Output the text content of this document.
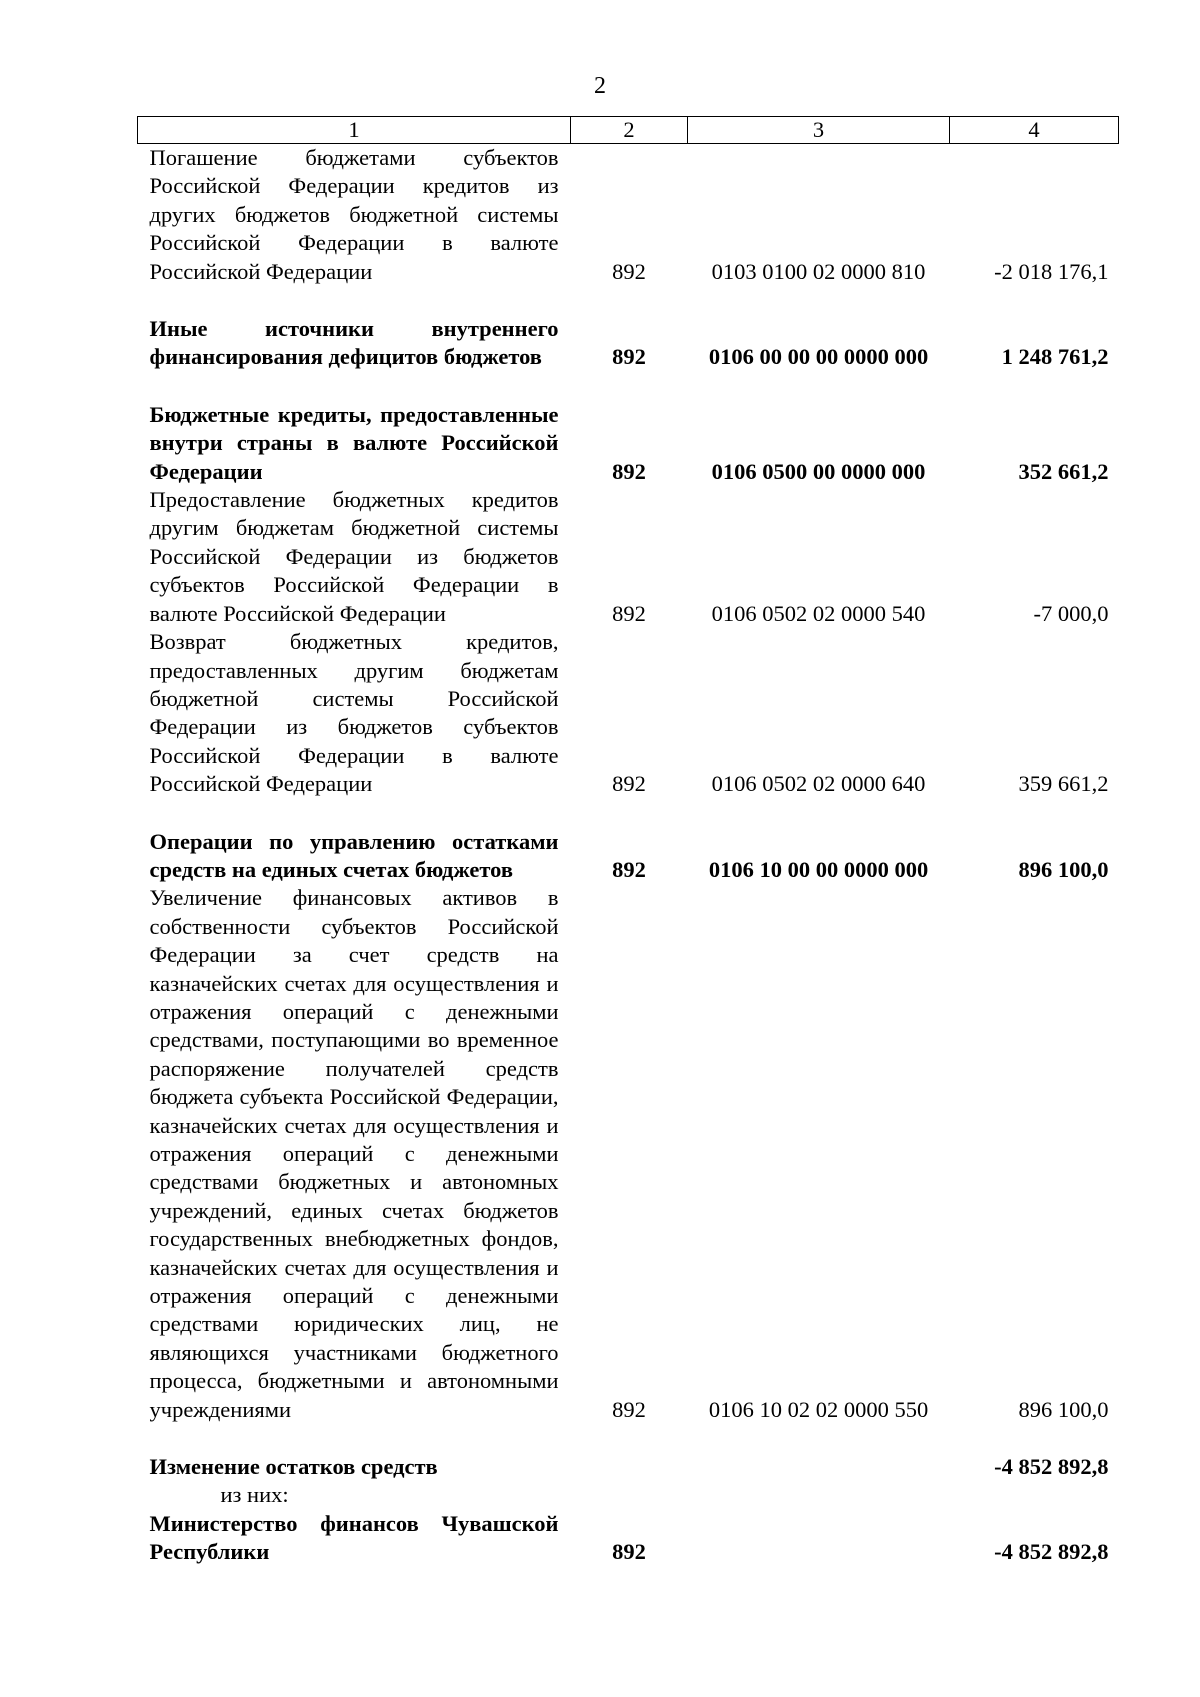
2
1	2	3	4
Погашение бюджетами субъектов Российской Федерации кредитов из других бюджетов бюджетной системы Российской Федерации в валюте Российской Федерации	892	0103 0100 02 0000 810	-2 018 176,1

Иные источники внутреннего финансирования дефицитов бюджетов	892	0106 00 00 00 0000 000	1 248 761,2

Бюджетные кредиты, предоставленные внутри страны в валюте Российской Федерации	892	0106 0500 00 0000 000	352 661,2
Предоставление бюджетных кредитов другим бюджетам бюджетной системы Российской Федерации из бюджетов субъектов Российской Федерации в валюте Российской Федерации	892	0106 0502 02 0000 540	-7 000,0
Возврат бюджетных кредитов, предоставленных другим бюджетам бюджетной системы Российской Федерации из бюджетов субъектов Российской Федерации в валюте Российской Федерации	892	0106 0502 02 0000 640	359 661,2

Операции по управлению остатками средств на единых счетах бюджетов	892	0106 10 00 00 0000 000	896 100,0
Увеличение финансовых активов в собственности субъектов Российской Федерации за счет средств на казначейских счетах для осуществления и отражения операций с денежными средствами, поступающими во временное распоряжение получателей средств бюджета субъекта Российской Федерации, казначейских счетах для осуществления и отражения операций с денежными средствами бюджетных и автономных учреждений, единых счетах бюджетов государственных внебюджетных фондов, казначейских счетах для осуществления и отражения операций с денежными средствами юридических лиц, не являющихся участниками бюджетного процесса, бюджетными и автономными учреждениями	892	0106 10 02 02 0000 550	896 100,0

Изменение остатков средств			-4 852 892,8
из них:			
Министерство финансов Чувашской Республики	892		-4 852 892,8
